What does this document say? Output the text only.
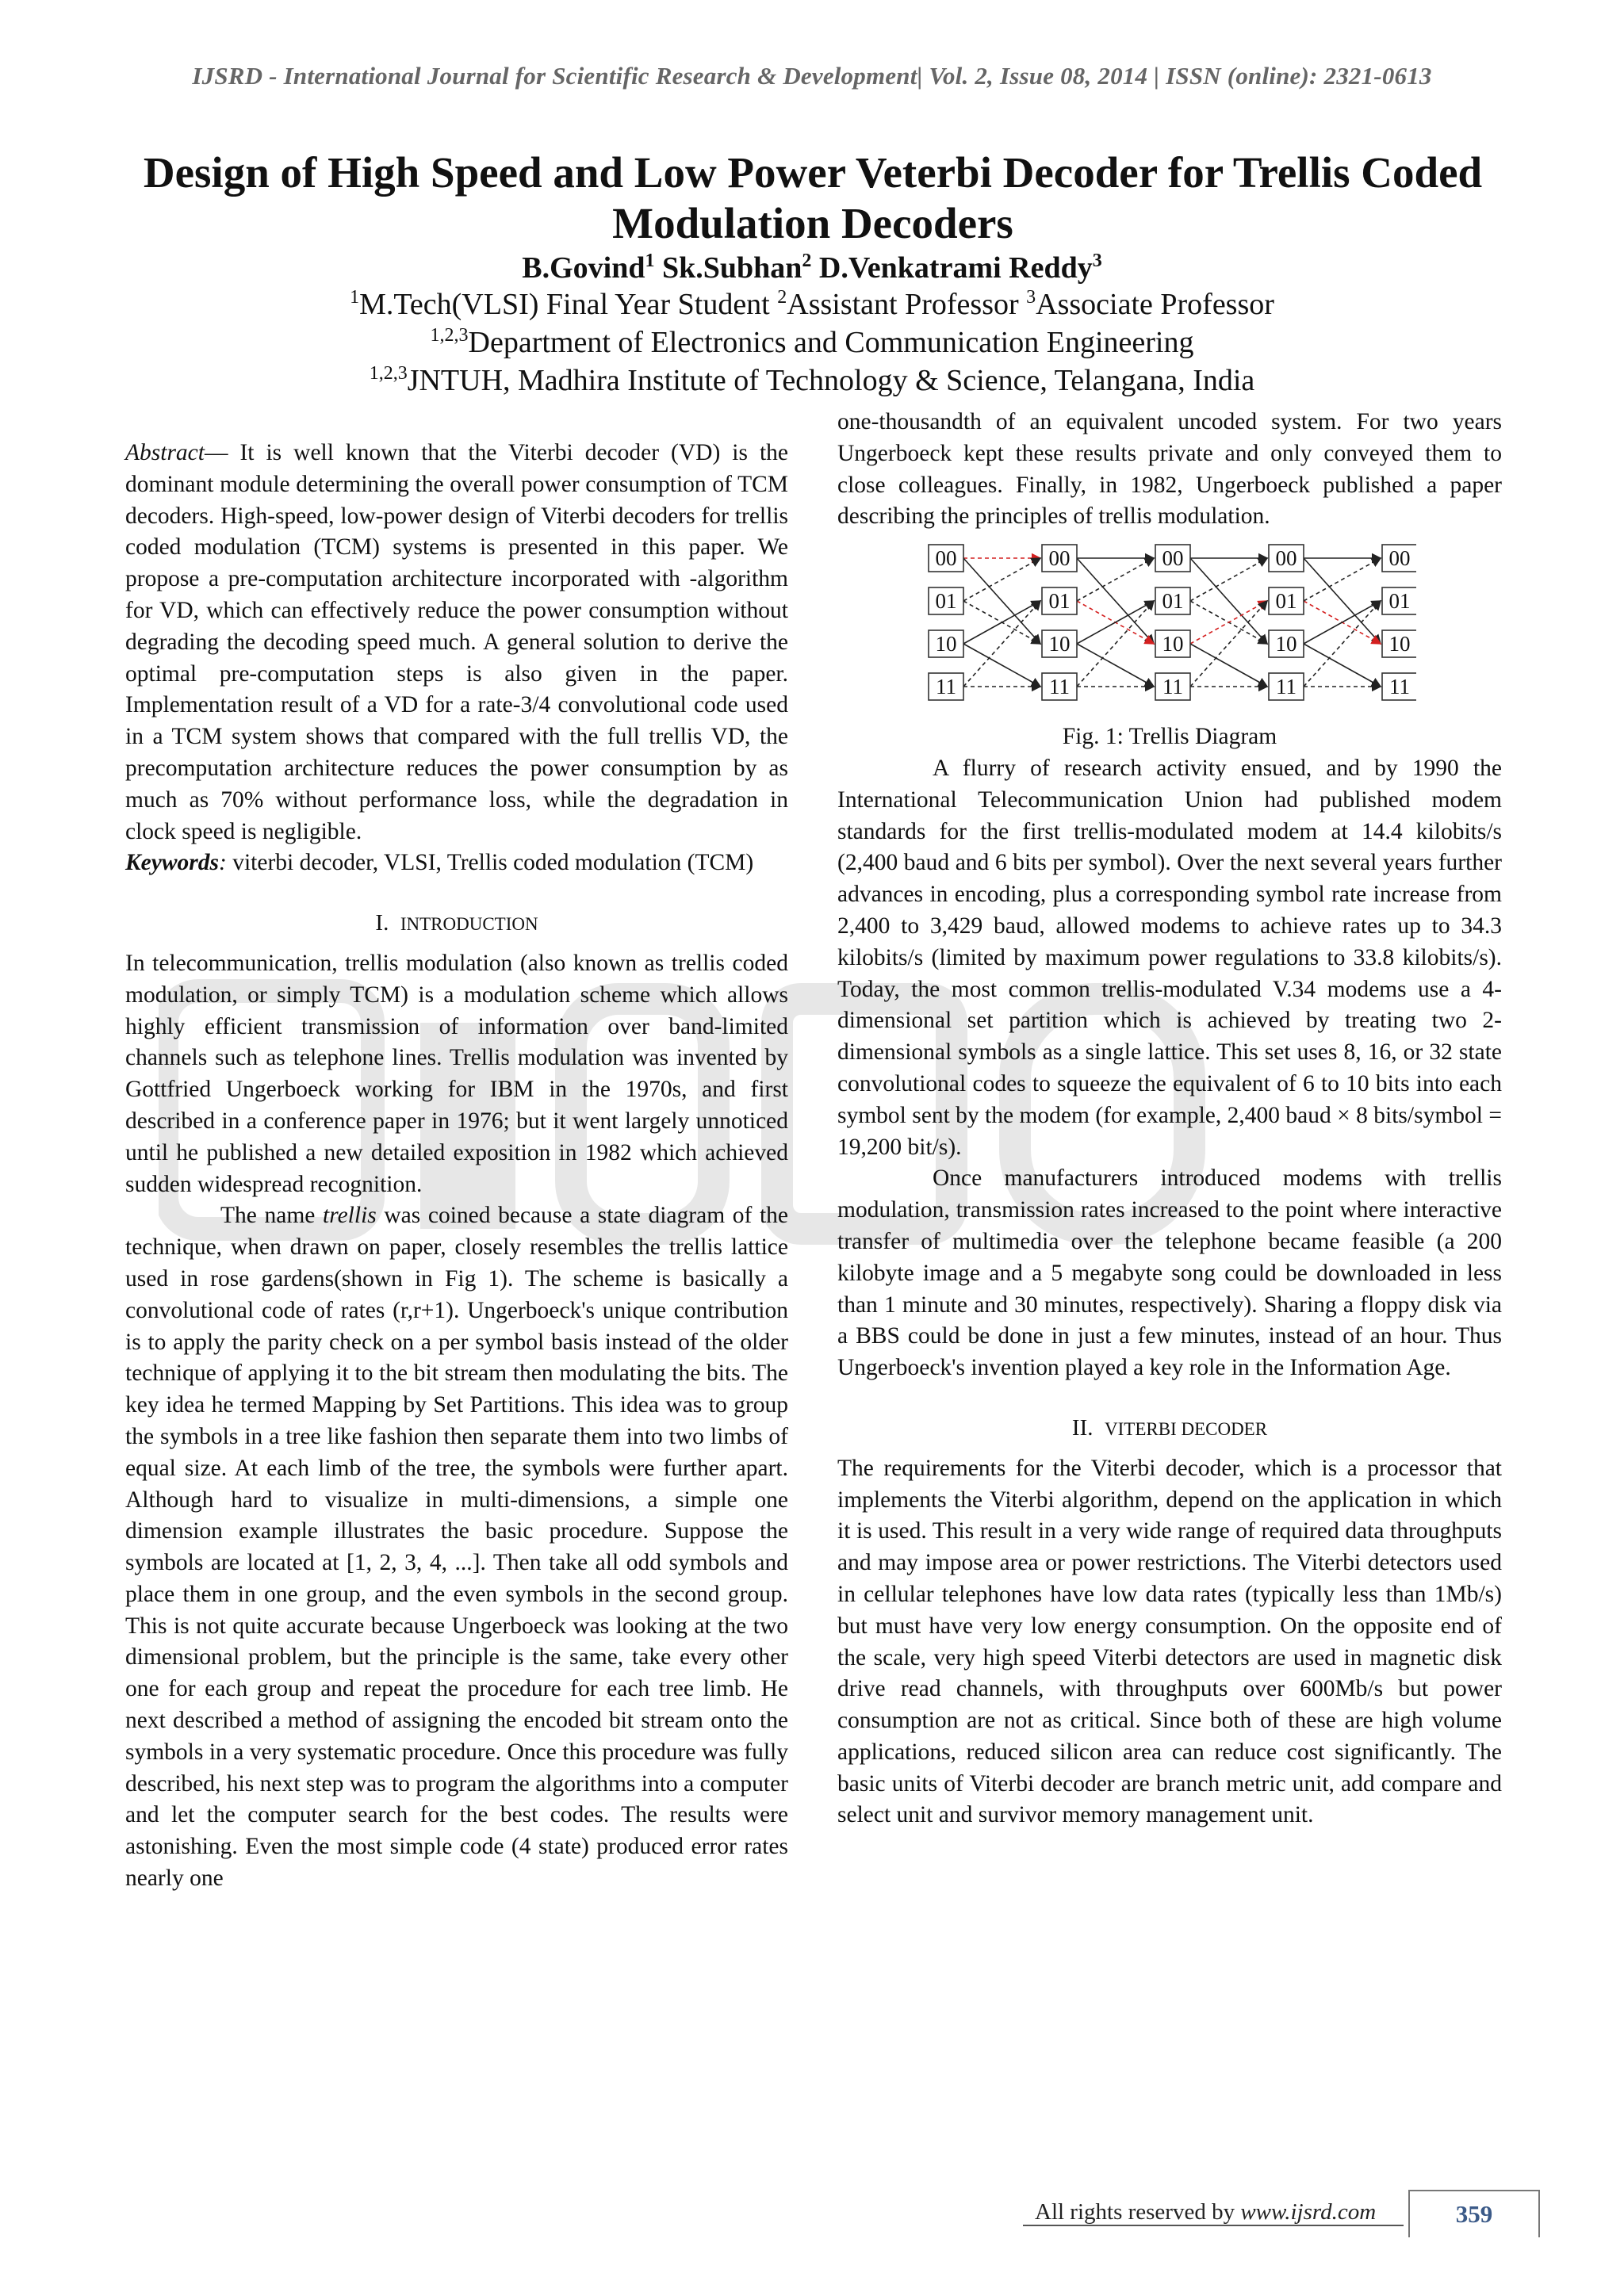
IJSRD - International Journal for Scientific Research & Development| Vol. 2, Issue 08, 2014 | ISSN (online): 2321-0613
Design of High Speed and Low Power Veterbi Decoder for Trellis Coded Modulation Decoders
B.Govind$^1$ Sk.Subhan$^2$ D.Venkatrami Reddy$^3$
$^1$M.Tech(VLSI) Final Year Student $^2$Assistant Professor $^3$Associate Professor
$^{1,2,3}$Department of Electronics and Communication Engineering
$^{1,2,3}$JNTUH, Madhira Institute of Technology & Science, Telangana, India

Abstract— It is well known that the Viterbi decoder (VD) is the dominant module determining the overall power consumption of TCM decoders. High-speed, low-power design of Viterbi decoders for trellis coded modulation (TCM) systems is presented in this paper. We propose a pre-computation architecture incorporated with -algorithm for VD, which can effectively reduce the power consumption without degrading the decoding speed much. A general solution to derive the optimal pre-computation steps is also given in the paper. Implementation result of a VD for a rate-3/4 convolutional code used in a TCM system shows that compared with the full trellis VD, the precomputation architecture reduces the power consumption by as much as 70% without performance loss, while the degradation in clock speed is negligible.

Keywords: viterbi decoder, VLSI, Trellis coded modulation (TCM)

I. INTRODUCTION

In telecommunication, trellis modulation (also known as trellis coded modulation, or simply TCM) is a modulation scheme which allows highly efficient transmission of information over band-limited channels such as telephone lines. Trellis modulation was invented by Gottfried Ungerboeck working for IBM in the 1970s, and first described in a conference paper in 1976; but it went largely unnoticed until he published a new detailed exposition in 1982 which achieved sudden widespread recognition.

The name trellis was coined because a state diagram of the technique, when drawn on paper, closely resembles the trellis lattice used in rose gardens(shown in Fig 1). The scheme is basically a convolutional code of rates (r,r+1). Ungerboeck's unique contribution is to apply the parity check on a per symbol basis instead of the older technique of applying it to the bit stream then modulating the bits. The key idea he termed Mapping by Set Partitions. This idea was to group the symbols in a tree like fashion then separate them into two limbs of equal size. At each limb of the tree, the symbols were further apart. Although hard to visualize in multi-dimensions, a simple one dimension example illustrates the basic procedure. Suppose the symbols are located at [1, 2, 3, 4, ...]. Then take all odd symbols and place them in one group, and the even symbols in the second group. This is not quite accurate because Ungerboeck was looking at the two dimensional problem, but the principle is the same, take every other one for each group and repeat the procedure for each tree limb. He next described a method of assigning the encoded bit stream onto the symbols in a very systematic procedure. Once this procedure was fully described, his next step was to program the algorithms into a computer and let the computer search for the best codes. The results were astonishing. Even the most simple code (4 state) produced error rates nearly one

one-thousandth of an equivalent uncoded system. For two years Ungerboeck kept these results private and only conveyed them to close colleagues. Finally, in 1982, Ungerboeck published a paper describing the principles of trellis modulation.

00
01
10
11
00
01
10
11
00
01
10
11
00
01
10
11
00
01
10
11

Fig. 1: Trellis Diagram

A flurry of research activity ensued, and by 1990 the International Telecommunication Union had published modem standards for the first trellis-modulated modem at 14.4 kilobits/s (2,400 baud and 6 bits per symbol). Over the next several years further advances in encoding, plus a corresponding symbol rate increase from 2,400 to 3,429 baud, allowed modems to achieve rates up to 34.3 kilobits/s (limited by maximum power regulations to 33.8 kilobits/s). Today, the most common trellis-modulated V.34 modems use a 4-dimensional set partition which is achieved by treating two 2-dimensional symbols as a single lattice. This set uses 8, 16, or 32 state convolutional codes to squeeze the equivalent of 6 to 10 bits into each symbol sent by the modem (for example, 2,400 baud × 8 bits/symbol = 19,200 bit/s).

Once manufacturers introduced modems with trellis modulation, transmission rates increased to the point where interactive transfer of multimedia over the telephone became feasible (a 200 kilobyte image and a 5 megabyte song could be downloaded in less than 1 minute and 30 minutes, respectively). Sharing a floppy disk via a BBS could be done in just a few minutes, instead of an hour. Thus Ungerboeck's invention played a key role in the Information Age.

II. VITERBI DECODER

The requirements for the Viterbi decoder, which is a processor that implements the Viterbi algorithm, depend on the application in which it is used. This result in a very wide range of required data throughputs and may impose area or power restrictions. The Viterbi detectors used in cellular telephones have low data rates (typically less than 1Mb/s) but must have very low energy consumption. On the opposite end of the scale, very high speed Viterbi detectors are used in magnetic disk drive read channels, with throughputs over 600Mb/s but power consumption are not as critical. Since both of these are high volume applications, reduced silicon area can reduce cost significantly. The basic units of Viterbi decoder are branch metric unit, add compare and select unit and survivor memory management unit.

All rights reserved by www.ijsrd.com	359
